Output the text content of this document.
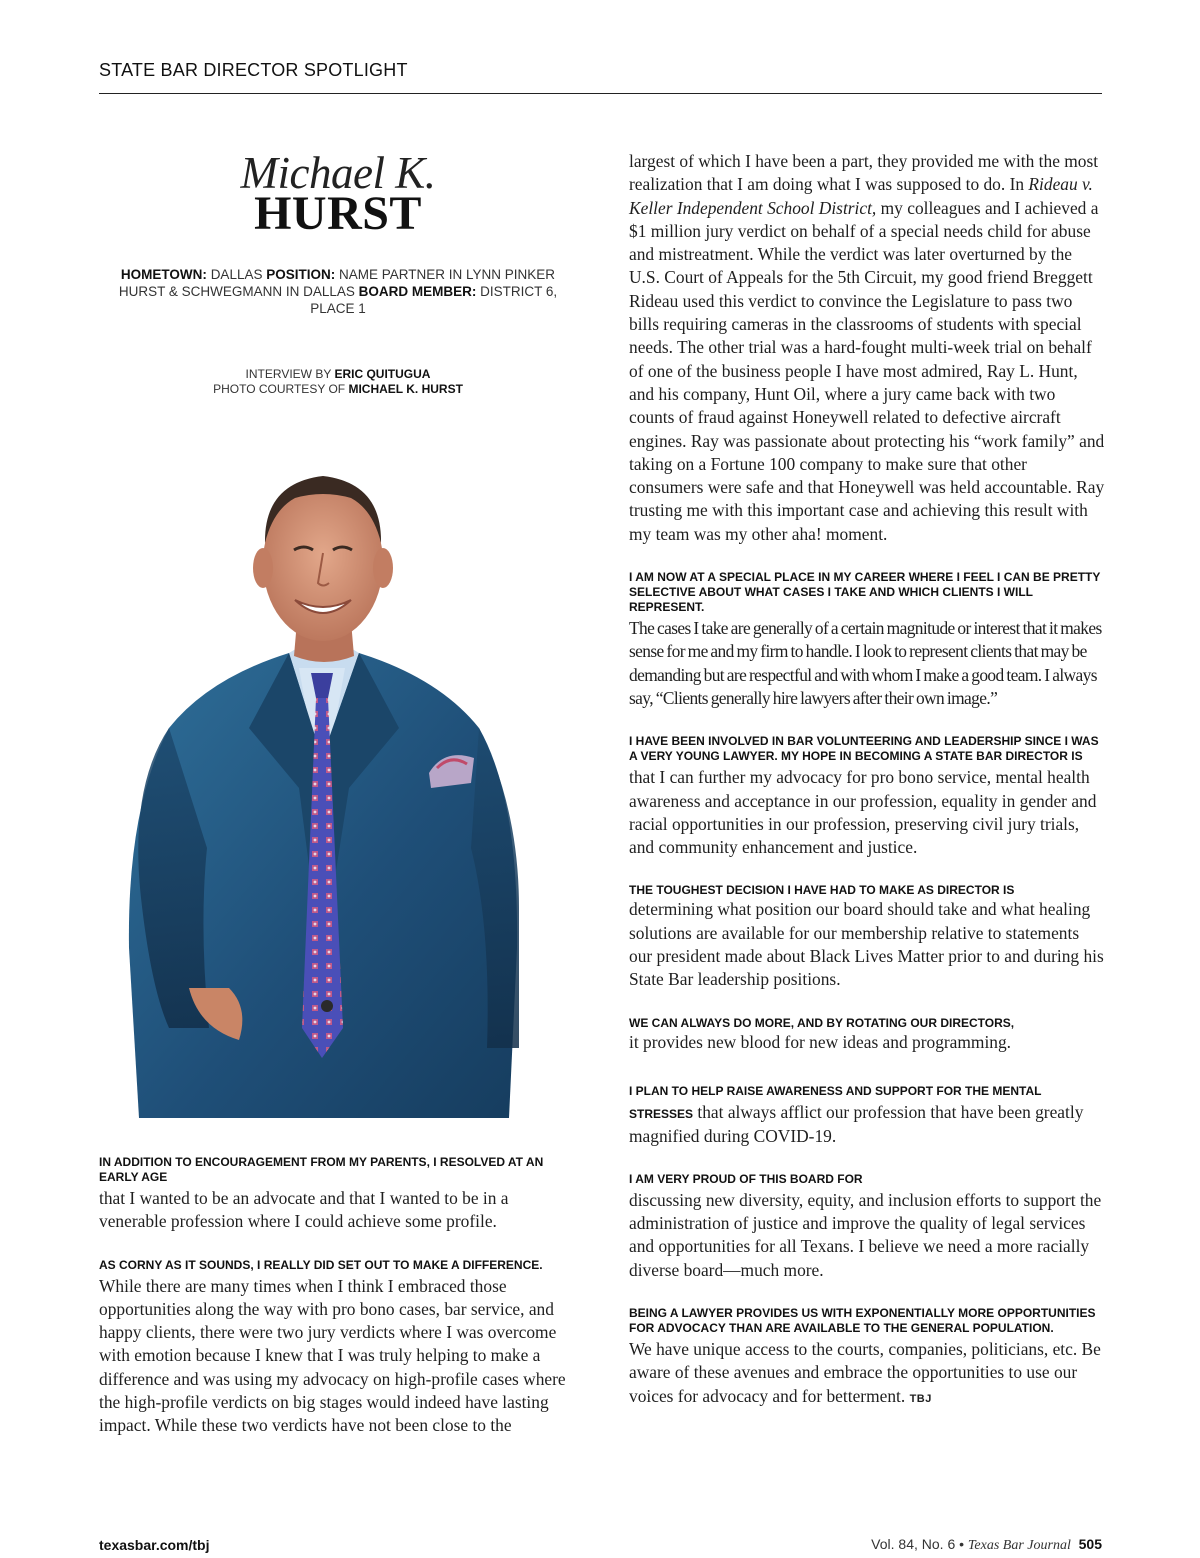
STATE BAR DIRECTOR SPOTLIGHT
Michael K.
HURST
HOMETOWN: DALLAS POSITION: NAME PARTNER IN LYNN PINKER HURST & SCHWEGMANN IN DALLAS BOARD MEMBER: DISTRICT 6, PLACE 1
INTERVIEW BY ERIC QUITUGUA
PHOTO COURTESY OF MICHAEL K. HURST
IN ADDITION TO ENCOURAGEMENT FROM MY PARENTS, I RESOLVED AT AN EARLY AGE
that I wanted to be an advocate and that I wanted to be in a venerable profession where I could achieve some profile.
AS CORNY AS IT SOUNDS, I REALLY DID SET OUT TO MAKE A DIFFERENCE.
While there are many times when I think I embraced those opportunities along the way with pro bono cases, bar service, and happy clients, there were two jury verdicts where I was overcome with emotion because I knew that I was truly helping to make a difference and was using my advocacy on high-profile cases where the high-profile verdicts on big stages would indeed have lasting impact. While these two verdicts have not been close to the
largest of which I have been a part, they provided me with the most realization that I am doing what I was supposed to do. In Rideau v. Keller Independent School District, my colleagues and I achieved a $1 million jury verdict on behalf of a special needs child for abuse and mistreatment. While the verdict was later overturned by the U.S. Court of Appeals for the 5th Circuit, my good friend Breggett Rideau used this verdict to convince the Legislature to pass two bills requiring cameras in the classrooms of students with special needs. The other trial was a hard-fought multi-week trial on behalf of one of the business people I have most admired, Ray L. Hunt, and his company, Hunt Oil, where a jury came back with two counts of fraud against Honeywell related to defective aircraft engines. Ray was passionate about protecting his “work family” and taking on a Fortune 100 company to make sure that other consumers were safe and that Honeywell was held accountable. Ray trusting me with this important case and achieving this result with my team was my other aha! moment.
I AM NOW AT A SPECIAL PLACE IN MY CAREER WHERE I FEEL I CAN BE PRETTY SELECTIVE ABOUT WHAT CASES I TAKE AND WHICH CLIENTS I WILL REPRESENT.
The cases I take are generally of a certain magnitude or interest that it makes sense for me and my firm to handle. I look to represent clients that may be demanding but are respectful and with whom I make a good team. I always say, “Clients generally hire lawyers after their own image.”
I HAVE BEEN INVOLVED IN BAR VOLUNTEERING AND LEADERSHIP SINCE I WAS A VERY YOUNG LAWYER. MY HOPE IN BECOMING A STATE BAR DIRECTOR IS
that I can further my advocacy for pro bono service, mental health awareness and acceptance in our profession, equality in gender and racial opportunities in our profession, preserving civil jury trials, and community enhancement and justice.
THE TOUGHEST DECISION I HAVE HAD TO MAKE AS DIRECTOR IS
determining what position our board should take and what healing solutions are available for our membership relative to statements our president made about Black Lives Matter prior to and during his State Bar leadership positions.
WE CAN ALWAYS DO MORE, AND BY ROTATING OUR DIRECTORS,
it provides new blood for new ideas and programming.
I PLAN TO HELP RAISE AWARENESS AND SUPPORT FOR THE MENTAL STRESSES that always afflict our profession that have been greatly magnified during COVID-19.
I AM VERY PROUD OF THIS BOARD FOR
discussing new diversity, equity, and inclusion efforts to support the administration of justice and improve the quality of legal services and opportunities for all Texans. I believe we need a more racially diverse board—much more.
BEING A LAWYER PROVIDES US WITH EXPONENTIALLY MORE OPPORTUNITIES FOR ADVOCACY THAN ARE AVAILABLE TO THE GENERAL POPULATION.
We have unique access to the courts, companies, politicians, etc. Be aware of these avenues and embrace the opportunities to use our voices for advocacy and for betterment. TBJ
texasbar.com/tbj	Vol. 84, No. 6 • Texas Bar Journal 505
